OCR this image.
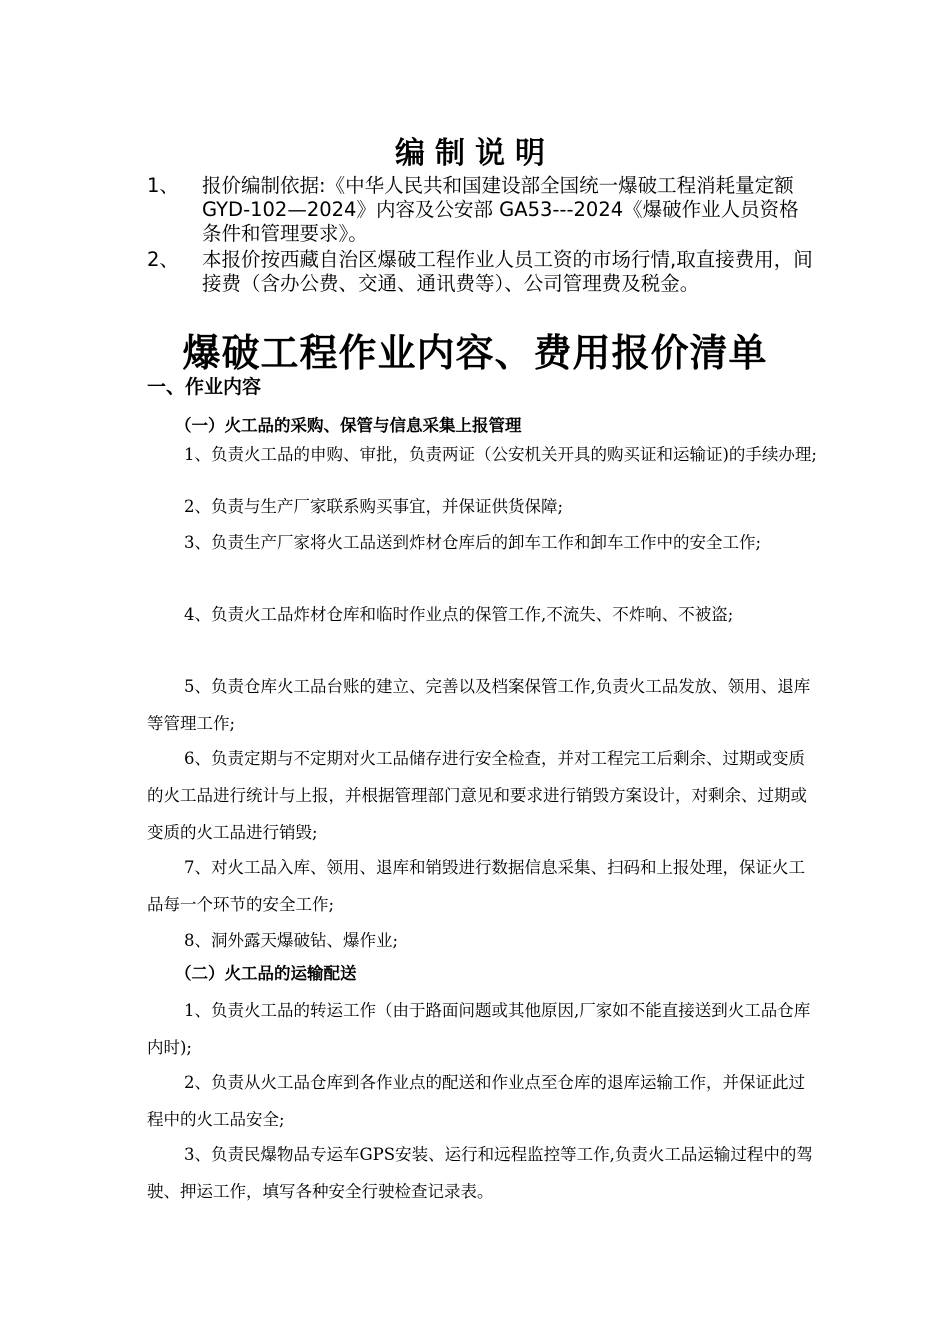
编制说明
1、 报价编制依据:《中华人民共和国建设部全国统一爆破工程消耗量定额 GYD-102—2024》内容及公安部 GA53---2024《爆破作业人员资格条件和管理要求》。
2、 本报价按西藏自治区爆破工程作业人员工资的市场行情,取直接费用，间接费（含办公费、交通、通讯费等）、公司管理费及税金。
爆破工程作业内容、费用报价清单
一、作业内容
（一）火工品的采购、保管与信息采集上报管理

1、负责火工品的申购、审批，负责两证（公安机关开具的购买证和运输证)的手续办理;

2、负责与生产厂家联系购买事宜，并保证供货保障;

3、负责生产厂家将火工品送到炸材仓库后的卸车工作和卸车工作中的安全工作;

4、负责火工品炸材仓库和临时作业点的保管工作,不流失、不炸响、不被盗;

5、负责仓库火工品台账的建立、完善以及档案保管工作,负责火工品发放、领用、退库等管理工作;

6、负责定期与不定期对火工品储存进行安全检查，并对工程完工后剩余、过期或变质的火工品进行统计与上报，并根据管理部门意见和要求进行销毁方案设计，对剩余、过期或变质的火工品进行销毁;

7、对火工品入库、领用、退库和销毁进行数据信息采集、扫码和上报处理，保证火工品每一个环节的安全工作;

8、洞外露天爆破钻、爆作业;

（二）火工品的运输配送

1、负责火工品的转运工作（由于路面问题或其他原因,厂家如不能直接送到火工品仓库内时);

2、负责从火工品仓库到各作业点的配送和作业点至仓库的退库运输工作，并保证此过程中的火工品安全;

3、负责民爆物品专运车GPS安装、运行和远程监控等工作,负责火工品运输过程中的驾驶、押运工作，填写各种安全行驶检查记录表。
